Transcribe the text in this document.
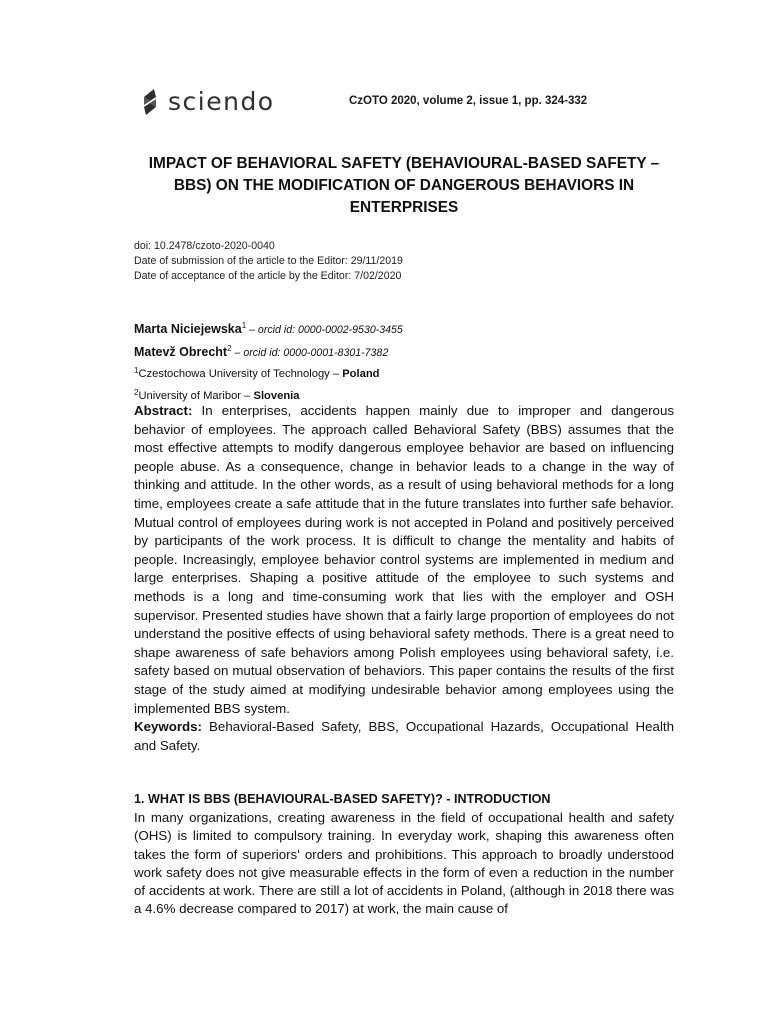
sciendo	CzOTO 2020, volume 2, issue 1, pp. 324-332
IMPACT OF BEHAVIORAL SAFETY (BEHAVIOURAL-BASED SAFETY – BBS) ON THE MODIFICATION OF DANGEROUS BEHAVIORS IN ENTERPRISES
doi: 10.2478/czoto-2020-0040
Date of submission of the article to the Editor: 29/11/2019
Date of acceptance of the article by the Editor: 7/02/2020
Marta Niciejewska$^1$ – orcid id: 0000-0002-9530-3455
Matevž Obrecht$^2$ – orcid id: 0000-0001-8301-7382
$^1$Czestochowa University of Technology – Poland
$^2$University of Maribor – Slovenia

Abstract: In enterprises, accidents happen mainly due to improper and dangerous behavior of employees. The approach called Behavioral Safety (BBS) assumes that the most effective attempts to modify dangerous employee behavior are based on influencing people abuse. As a consequence, change in behavior leads to a change in the way of thinking and attitude. In the other words, as a result of using behavioral methods for a long time, employees create a safe attitude that in the future translates into further safe behavior. Mutual control of employees during work is not accepted in Poland and positively perceived by participants of the work process. It is difficult to change the mentality and habits of people. Increasingly, employee behavior control systems are implemented in medium and large enterprises. Shaping a positive attitude of the employee to such systems and methods is a long and time-consuming work that lies with the employer and OSH supervisor. Presented studies have shown that a fairly large proportion of employees do not understand the positive effects of using behavioral safety methods. There is a great need to shape awareness of safe behaviors among Polish employees using behavioral safety, i.e. safety based on mutual observation of behaviors. This paper contains the results of the first stage of the study aimed at modifying undesirable behavior among employees using the implemented BBS system.

Keywords: Behavioral-Based Safety, BBS, Occupational Hazards, Occupational Health and Safety.

1. WHAT IS BBS (BEHAVIOURAL-BASED SAFETY)? - INTRODUCTION

In many organizations, creating awareness in the field of occupational health and safety (OHS) is limited to compulsory training. In everyday work, shaping this awareness often takes the form of superiors' orders and prohibitions. This approach to broadly understood work safety does not give measurable effects in the form of even a reduction in the number of accidents at work. There are still a lot of accidents in Poland, (although in 2018 there was a 4.6% decrease compared to 2017) at work, the main cause of
